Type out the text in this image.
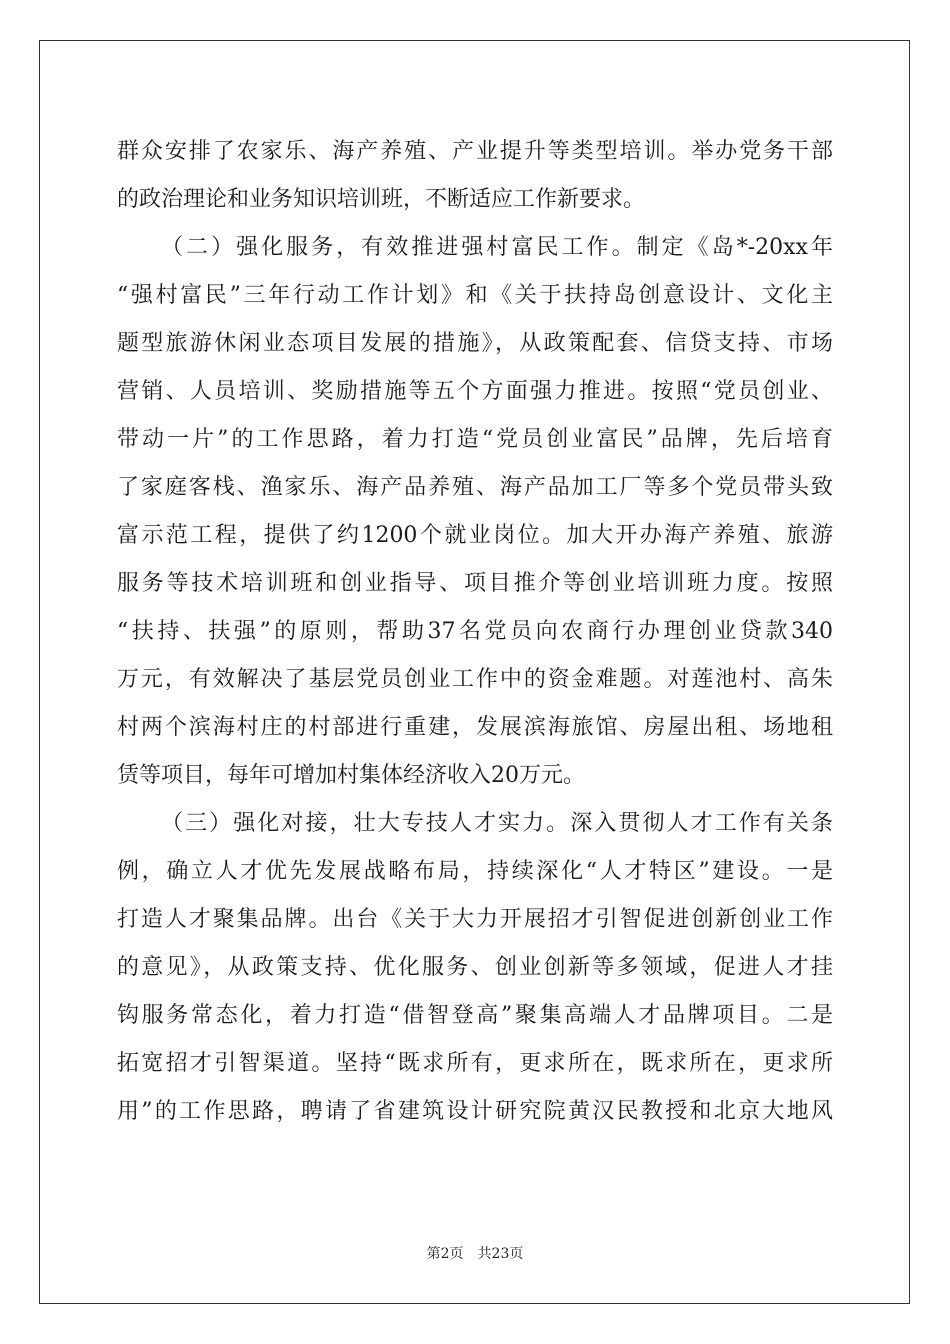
群众安排了农家乐、海产养殖、产业提升等类型培训。举办党务干部
的政治理论和业务知识培训班，不断适应工作新要求。
（二）强化服务，有效推进强村富民工作。制定《岛*-20xx年
“强村富民”三年行动工作计划》和《关于扶持岛创意设计、文化主
题型旅游休闲业态项目发展的措施》，从政策配套、信贷支持、市场
营销、人员培训、奖励措施等五个方面强力推进。按照“党员创业、
带动一片”的工作思路，着力打造“党员创业富民”品牌，先后培育
了家庭客栈、渔家乐、海产品养殖、海产品加工厂等多个党员带头致
富示范工程，提供了约1200个就业岗位。加大开办海产养殖、旅游
服务等技术培训班和创业指导、项目推介等创业培训班力度。按照
“扶持、扶强”的原则，帮助37名党员向农商行办理创业贷款340
万元，有效解决了基层党员创业工作中的资金难题。对莲池村、高朱
村两个滨海村庄的村部进行重建，发展滨海旅馆、房屋出租、场地租
赁等项目，每年可增加村集体经济收入20万元。
（三）强化对接，壮大专技人才实力。深入贯彻人才工作有关条
例，确立人才优先发展战略布局，持续深化“人才特区”建设。一是
打造人才聚集品牌。出台《关于大力开展招才引智促进创新创业工作
的意见》，从政策支持、优化服务、创业创新等多领域，促进人才挂
钩服务常态化，着力打造“借智登高”聚集高端人才品牌项目。二是
拓宽招才引智渠道。坚持“既求所有，更求所在，既求所在，更求所
用”的工作思路，聘请了省建筑设计研究院黄汉民教授和北京大地风
第2页 共23页
